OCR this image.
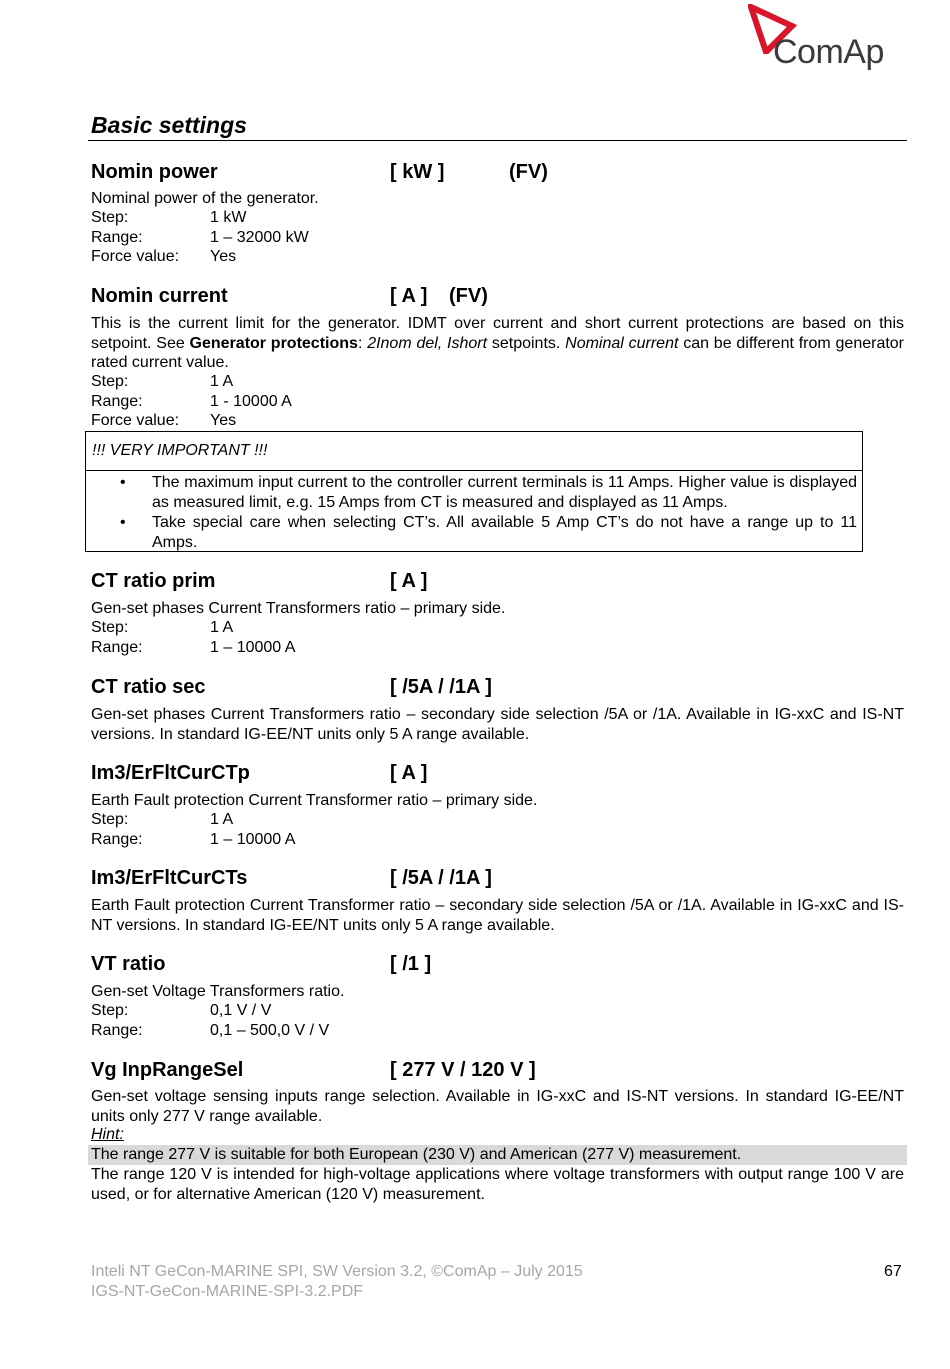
ComAp
Basic settings
Nomin power	[ kW ]	(FV)
Nominal power of the generator.
Step:	1 kW
Range:	1 – 32000 kW
Force value: Yes
Nomin current	[ A ] (FV)
This is the current limit for the generator. IDMT over current and short current protections are based on this setpoint. See Generator protections: 2Inom del, Ishort setpoints. Nominal current can be different from generator rated current value.
Step:	1 A
Range:	1 - 10000 A
Force value: Yes
!!! VERY IMPORTANT !!!
• The maximum input current to the controller current terminals is 11 Amps. Higher value is displayed as measured limit, e.g. 15 Amps from CT is measured and displayed as 11 Amps.
• Take special care when selecting CT’s. All available 5 Amp CT’s do not have a range up to 11 Amps.
CT ratio prim	[ A ]
Gen-set phases Current Transformers ratio – primary side.
Step:	1 A
Range:	1 – 10000 A
CT ratio sec	[ /5A / /1A ]
Gen-set phases Current Transformers ratio – secondary side selection /5A or /1A. Available in IG-xxC and IS-NT versions. In standard IG-EE/NT units only 5 A range available.
Im3/ErFltCurCTp	[ A ]
Earth Fault protection Current Transformer ratio – primary side.
Step:	1 A
Range:	1 – 10000 A
Im3/ErFltCurCTs	[ /5A / /1A ]
Earth Fault protection Current Transformer ratio – secondary side selection /5A or /1A. Available in IG-xxC and IS-NT versions. In standard IG-EE/NT units only 5 A range available.
VT ratio	[ /1 ]
Gen-set Voltage Transformers ratio.
Step:	0,1 V / V
Range:	0,1 – 500,0 V / V
Vg InpRangeSel	[ 277 V / 120 V ]
Gen-set voltage sensing inputs range selection. Available in IG-xxC and IS-NT versions. In standard IG-EE/NT units only 277 V range available.
Hint:
The range 277 V is suitable for both European (230 V) and American (277 V) measurement.
The range 120 V is intended for high-voltage applications where voltage transformers with output range 100 V are used, or for alternative American (120 V) measurement.
Inteli NT GeCon-MARINE SPI, SW Version 3.2, ©ComAp – July 2015
IGS-NT-GeCon-MARINE-SPI-3.2.PDF
67
